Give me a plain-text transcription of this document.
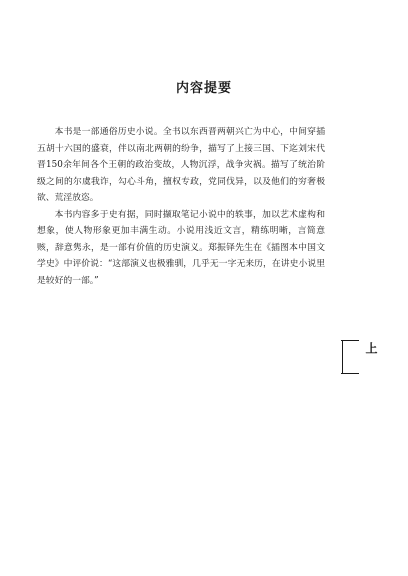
内容提要

本书是一部通俗历史小说。全书以东西晋两朝兴亡为中心，中间穿插五胡十六国的盛衰，伴以南北两朝的纷争，描写了上接三国、下迄刘宋代晋150余年间各个王朝的政治变故，人物沉浮，战争灾祸。描写了统治阶级之间的尔虞我诈，勾心斗角，擅权专政，党同伐异，以及他们的穷奢极欲、荒淫放恣。

本书内容多于史有据，同时撷取笔记小说中的轶事，加以艺术虚构和想象，使人物形象更加丰满生动。小说用浅近文言，精练明晰，言简意赅，辞意隽永，是一部有价值的历史演义。郑振铎先生在《插图本中国文学史》中评价说：“这部演义也极雅驯，几乎无一字无来历，在讲史小说里是较好的一部。”

上
